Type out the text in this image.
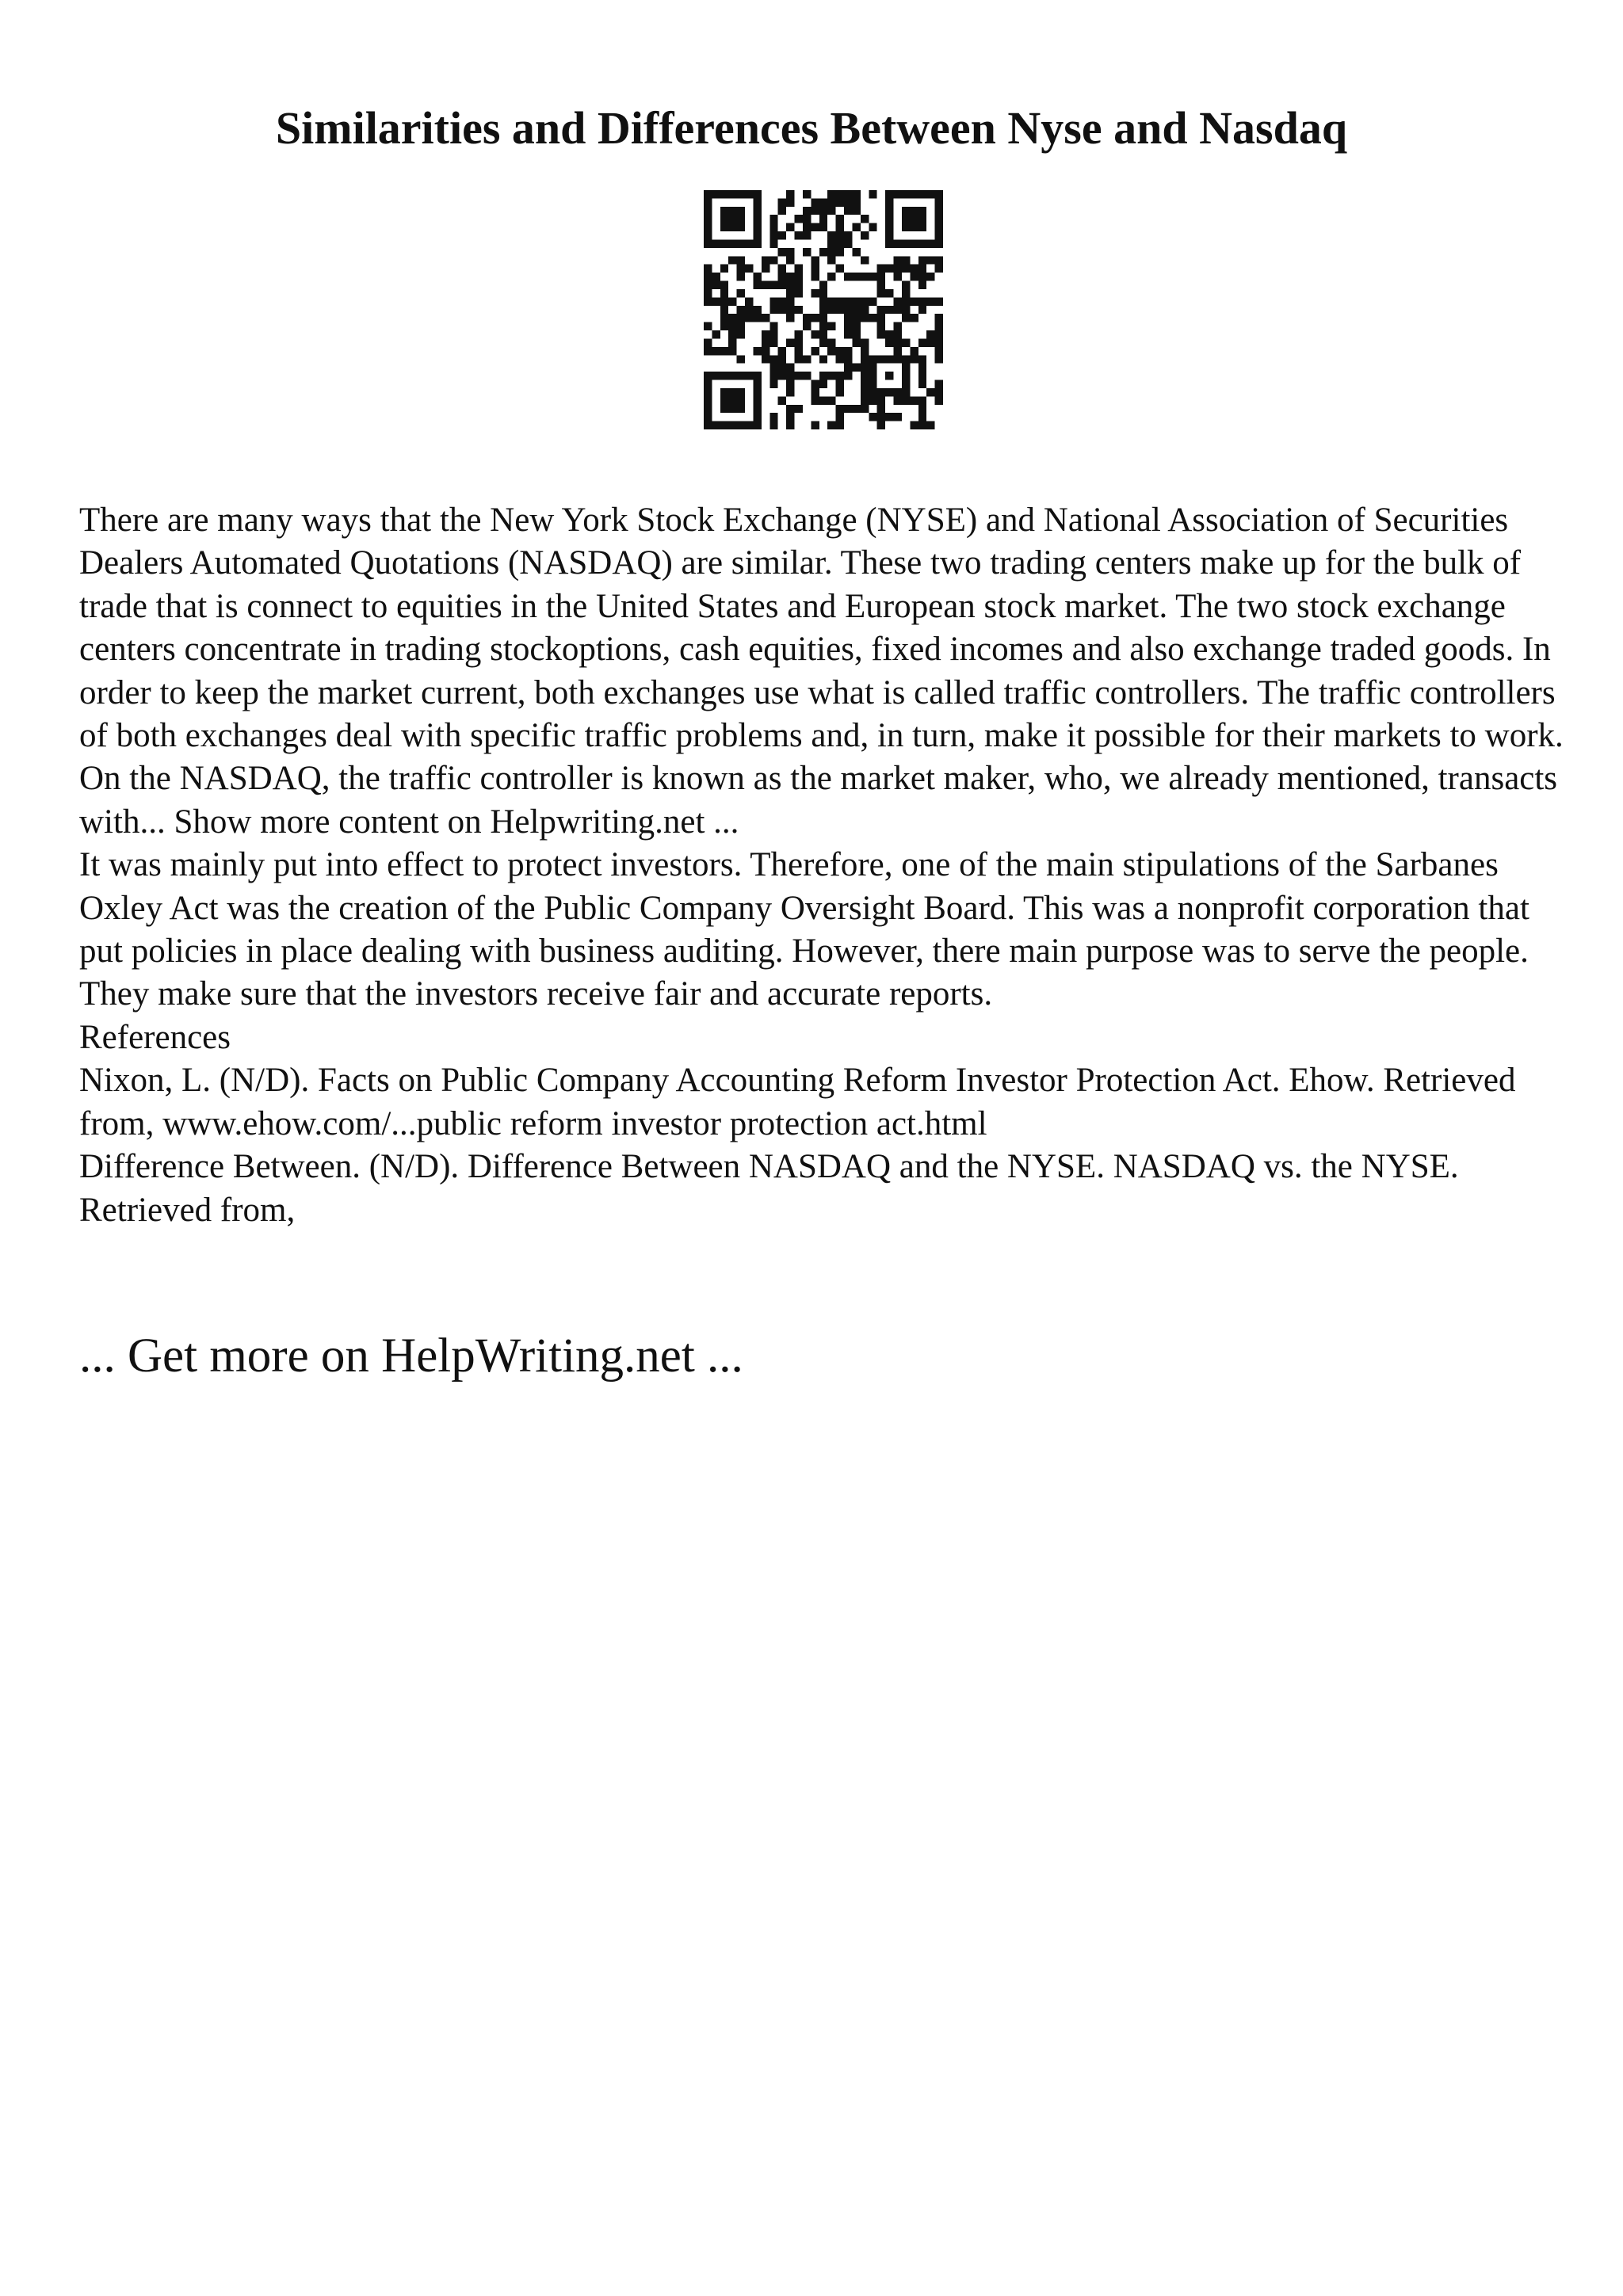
Similarities and Differences Between Nyse and Nasdaq

There are many ways that the New York Stock Exchange (NYSE) and National Association of Securities Dealers Automated Quotations (NASDAQ) are similar. These two trading centers make up for the bulk of trade that is connect to equities in the United States and European stock market. The two stock exchange centers concentrate in trading stockoptions, cash equities, fixed incomes and also exchange traded goods. In order to keep the market current, both exchanges use what is called traffic controllers. The traffic controllers of both exchanges deal with specific traffic problems and, in turn, make it possible for their markets to work. On the NASDAQ, the traffic controller is known as the market maker, who, we already mentioned, transacts with... Show more content on Helpwriting.net ...

It was mainly put into effect to protect investors. Therefore, one of the main stipulations of the Sarbanes Oxley Act was the creation of the Public Company Oversight Board. This was a nonprofit corporation that put policies in place dealing with business auditing. However, there main purpose was to serve the people. They make sure that the investors receive fair and accurate reports.

References

Nixon, L. (N/D). Facts on Public Company Accounting Reform Investor Protection Act. Ehow. Retrieved from, www.ehow.com/...public reform investor protection act.html

Difference Between. (N/D). Difference Between NASDAQ and the NYSE. NASDAQ vs. the NYSE. Retrieved from,

... Get more on HelpWriting.net ...
